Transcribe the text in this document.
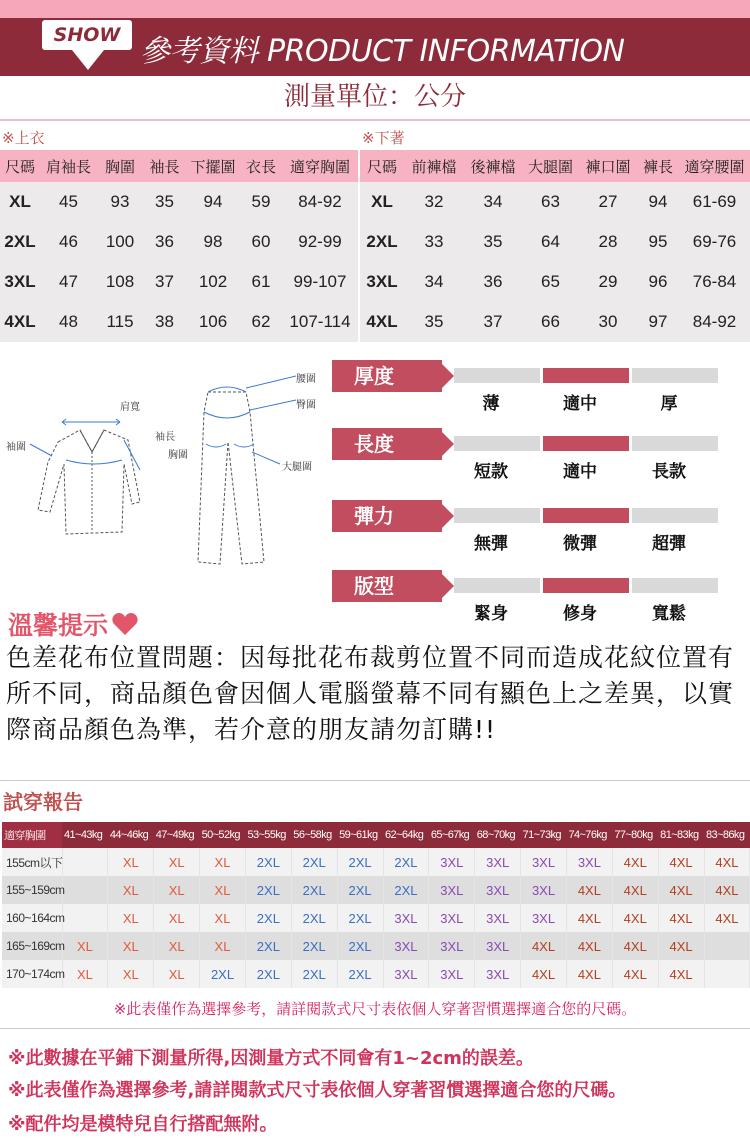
SHOW 參考資料 PRODUCT INFORMATION
測量單位：公分
※上衣
尺碼	肩袖長	胸圍	袖長	下擺圍	衣長	適穿胸圍
XL	45	93	35	94	59	84-92
2XL	46	100	36	98	60	92-99
3XL	47	108	37	102	61	99-107
4XL	48	115	38	106	62	107-114
※下著
尺碼	前褲檔	後褲檔	大腿圍	褲口圍	褲長	適穿腰圍
XL	32	34	63	27	94	61-69
2XL	33	35	64	28	95	69-76
3XL	34	36	65	29	96	76-84
4XL	35	37	66	30	97	84-92
肩寬
袖圍
袖長
胸圍
腰圍
臀圍
大腿圍
厚度
薄	適中	厚
長度
短款	適中	長款
彈力
無彈	微彈	超彈
版型
緊身	修身	寬鬆
溫馨提示
色差花布位置問題：因每批花布裁剪位置不同而造成花紋位置有所不同，商品顏色會因個人電腦螢幕不同有顯色上之差異，以實際商品顏色為準，若介意的朋友請勿訂購!!
試穿報告
適穿胸圍	41~43kg	44~46kg	47~49kg	50~52kg	53~55kg	56~58kg	59~61kg	62~64kg	65~67kg	68~70kg	71~73kg	74~76kg	77~80kg	81~83kg	83~86kg
155cm以下		XL	XL	XL	2XL	2XL	2XL	2XL	3XL	3XL	3XL	3XL	4XL	4XL	4XL
155~159cm		XL	XL	XL	2XL	2XL	2XL	2XL	3XL	3XL	3XL	4XL	4XL	4XL	4XL
160~164cm		XL	XL	XL	2XL	2XL	2XL	3XL	3XL	3XL	3XL	4XL	4XL	4XL	4XL
165~169cm	XL	XL	XL	XL	2XL	2XL	2XL	3XL	3XL	3XL	4XL	4XL	4XL	4XL	
170~174cm	XL	XL	XL	2XL	2XL	2XL	2XL	3XL	3XL	3XL	4XL	4XL	4XL	4XL	
※此表僅作為選擇參考，請詳閱款式尺寸表依個人穿著習慣選擇適合您的尺碼。
※此數據在平鋪下測量所得,因測量方式不同會有1~2cm的誤差。
※此表僅作為選擇參考,請詳閱款式尺寸表依個人穿著習慣選擇適合您的尺碼。
※配件均是模特兒自行搭配無附。
